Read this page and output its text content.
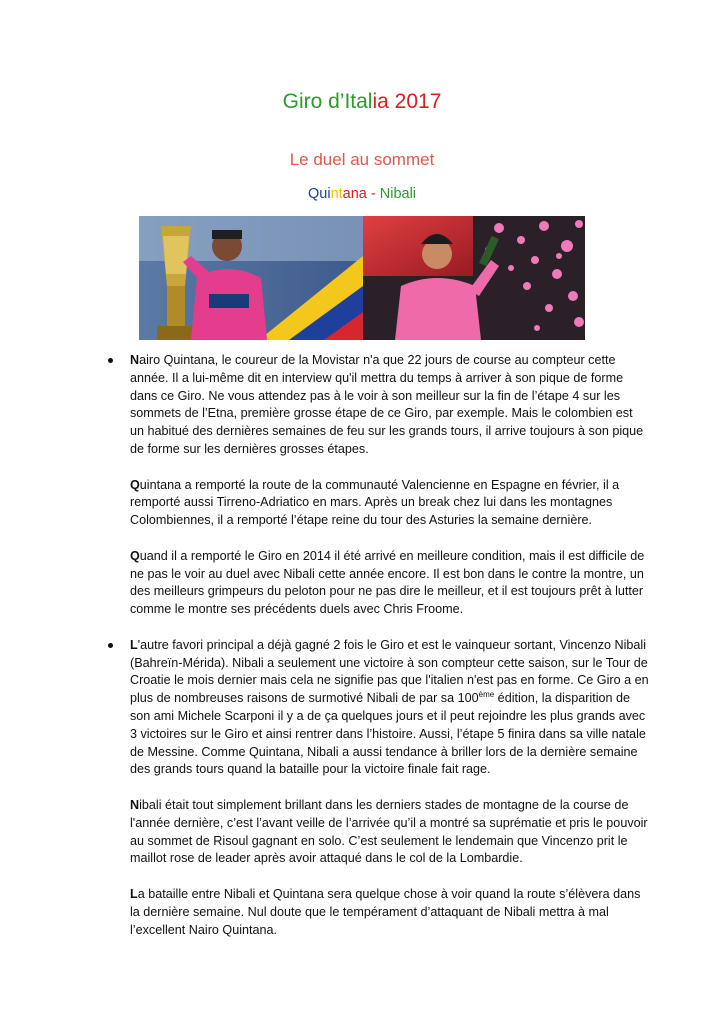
Giro d’Italia 2017
Le duel au sommet
Quintana - Nibali

Nairo Quintana, le coureur de la Movistar n'a que 22 jours de course au compteur cette année. Il a lui-même dit en interview qu'il mettra du temps à arriver à son pique de forme dans ce Giro. Ne vous attendez pas à le voir à son meilleur sur la fin de l’étape 4 sur les sommets de l’Etna, première grosse étape de ce Giro, par exemple. Mais le colombien est un habitué des dernières semaines de feu sur les grands tours, il arrive toujours à son pique de forme sur les dernières grosses étapes.

Quintana a remporté la route de la communauté Valencienne en Espagne en février, il a remporté aussi Tirreno-Adriatico en mars. Après un break chez lui dans les montagnes Colombiennes, il a remporté l’étape reine du tour des Asturies la semaine dernière.

Quand il a remporté le Giro en 2014 il été arrivé en meilleure condition, mais il est difficile de ne pas le voir au duel avec Nibali cette année encore. Il est bon dans le contre la montre, un des meilleurs grimpeurs du peloton pour ne pas dire le meilleur, et il est toujours prêt à lutter comme le montre ses précédents duels avec Chris Froome.

L'autre favori principal a déjà gagné 2 fois le Giro et est le vainqueur sortant, Vincenzo Nibali (Bahreïn-Mérida). Nibali a seulement une victoire à son compteur cette saison, sur le Tour de Croatie le mois dernier mais cela ne signifie pas que l'italien n'est pas en forme. Ce Giro a en plus de nombreuses raisons de surmotivé Nibali de par sa 100ème édition, la disparition de son ami Michele Scarponi il y a de ça quelques jours et il peut rejoindre les plus grands avec 3 victoires sur le Giro et ainsi rentrer dans l’histoire. Aussi, l’étape 5 finira dans sa ville natale de Messine. Comme Quintana, Nibali a aussi tendance à briller lors de la dernière semaine des grands tours quand la bataille pour la victoire finale fait rage.

Nibali était tout simplement brillant dans les derniers stades de montagne de la course de l'année dernière, c’est l’avant veille de l’arrivée qu’il a montré sa suprématie et pris le pouvoir au sommet de Risoul gagnant en solo. C’est seulement le lendemain que Vincenzo prit le maillot rose de leader après avoir attaqué dans le col de la Lombardie.

La bataille entre Nibali et Quintana sera quelque chose à voir quand la route s’élèvera dans la dernière semaine. Nul doute que le tempérament d’attaquant de Nibali mettra à mal l’excellent Nairo Quintana.
